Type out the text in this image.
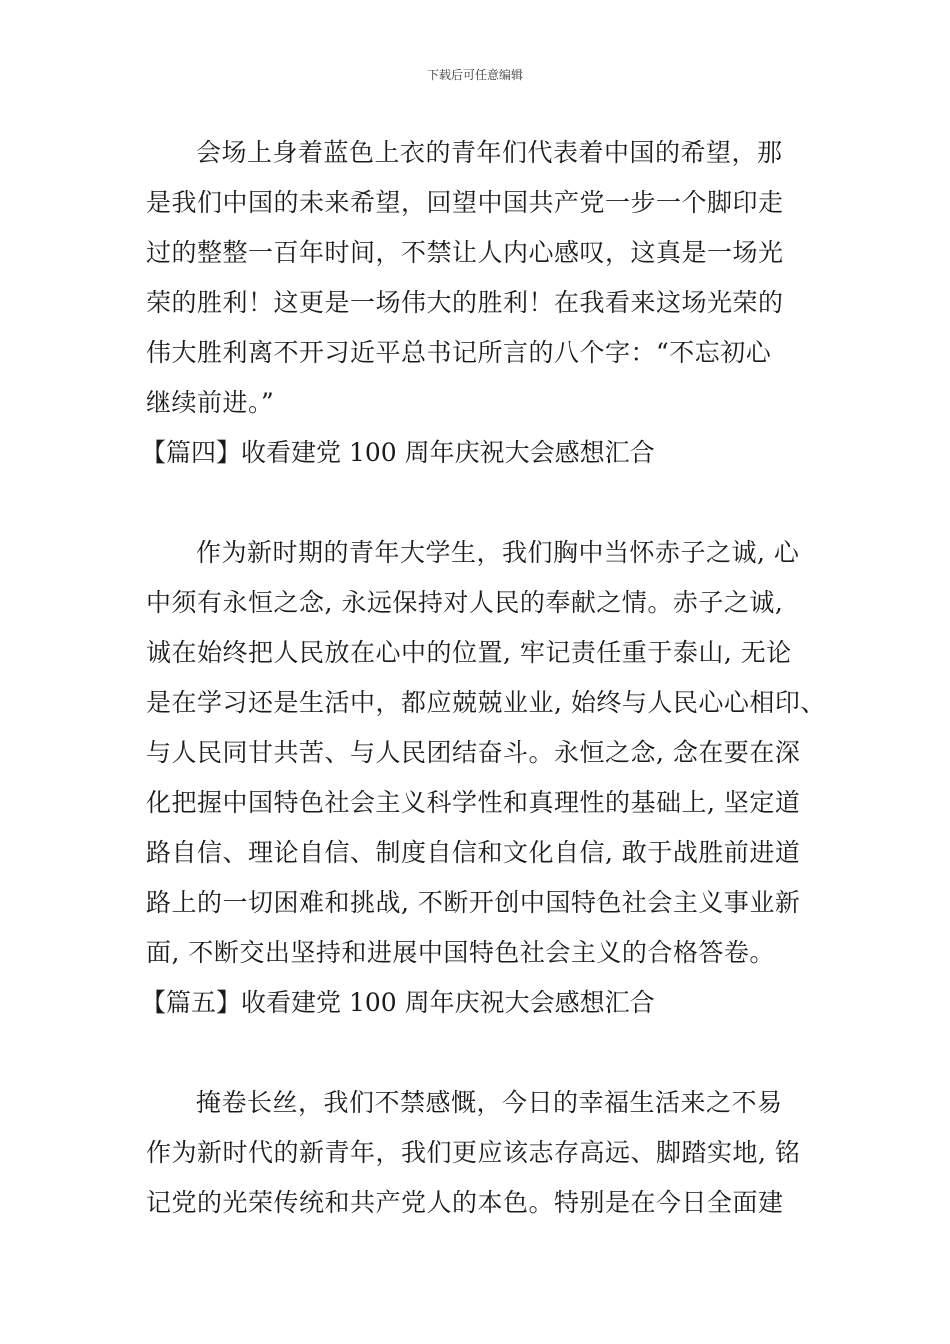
下载后可任意编辑
会场上身着蓝色上衣的青年们代表着中国的希望，那
是我们中国的未来希望，回望中国共产党一步一个脚印走
过的整整一百年时间，不禁让人内心感叹，这真是一场光
荣的胜利！这更是一场伟大的胜利！在我看来这场光荣的
伟大胜利离不开习近平总书记所言的八个字：“不忘初心
继续前进。”
【篇四】收看建党 100 周年庆祝大会感想汇合
作为新时期的青年大学生，我们胸中当怀赤子之诚, 心
中须有永恒之念, 永远保持对人民的奉献之情。赤子之诚,
诚在始终把人民放在心中的位置, 牢记责任重于泰山, 无论
是在学习还是生活中，都应兢兢业业, 始终与人民心心相印、
与人民同甘共苦、与人民团结奋斗。永恒之念, 念在要在深
化把握中国特色社会主义科学性和真理性的基础上, 坚定道
路自信、理论自信、制度自信和文化自信, 敢于战胜前进道
路上的一切困难和挑战, 不断开创中国特色社会主义事业新
面, 不断交出坚持和进展中国特色社会主义的合格答卷。
【篇五】收看建党 100 周年庆祝大会感想汇合
掩卷长丝，我们不禁感慨，今日的幸福生活来之不易
作为新时代的新青年，我们更应该志存高远、脚踏实地, 铭
记党的光荣传统和共产党人的本色。特别是在今日全面建
